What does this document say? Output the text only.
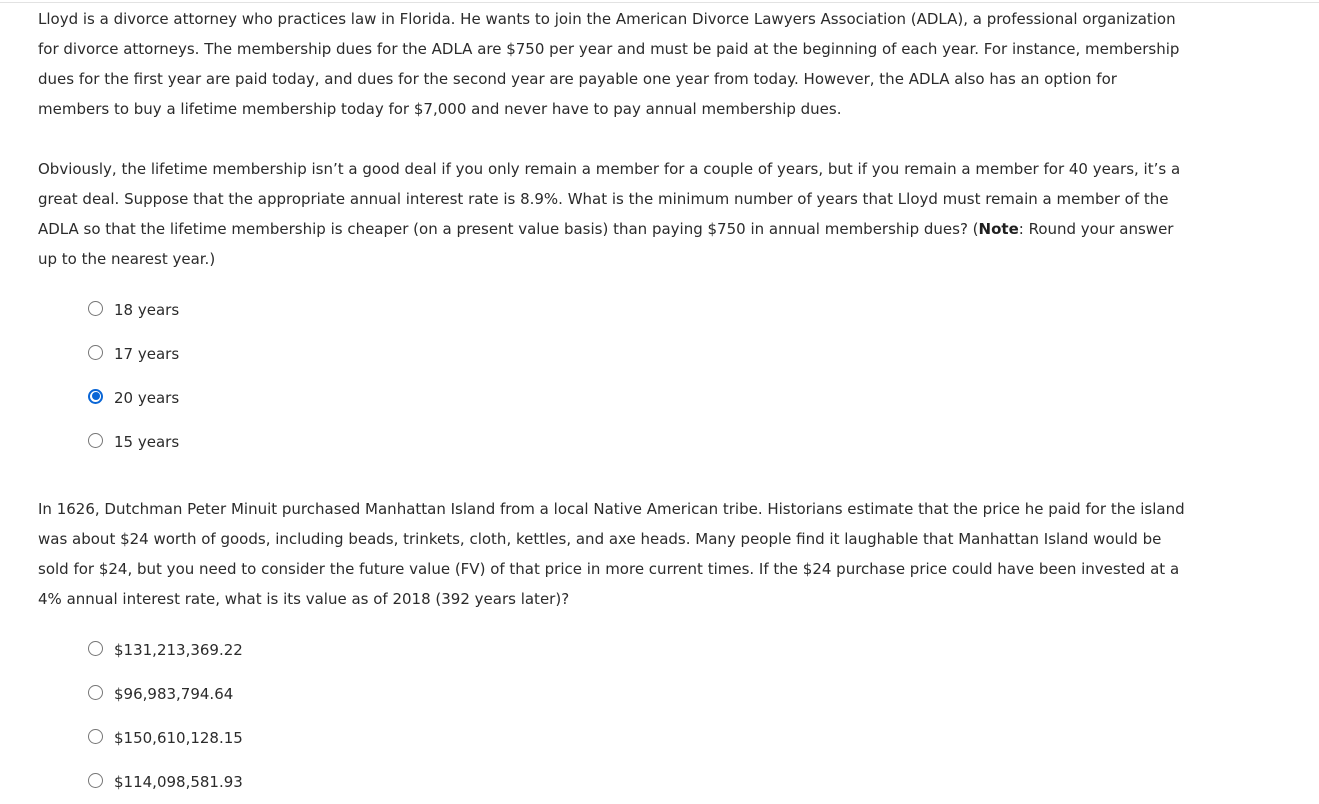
Lloyd is a divorce attorney who practices law in Florida. He wants to join the American Divorce Lawyers Association (ADLA), a professional organization for divorce attorneys. The membership dues for the ADLA are $750 per year and must be paid at the beginning of each year. For instance, membership dues for the first year are paid today, and dues for the second year are payable one year from today. However, the ADLA also has an option for members to buy a lifetime membership today for $7,000 and never have to pay annual membership dues.

Obviously, the lifetime membership isn’t a good deal if you only remain a member for a couple of years, but if you remain a member for 40 years, it’s a great deal. Suppose that the appropriate annual interest rate is 8.9%. What is the minimum number of years that Lloyd must remain a member of the ADLA so that the lifetime membership is cheaper (on a present value basis) than paying $750 in annual membership dues? (Note: Round your answer up to the nearest year.)

18 years
17 years
20 years
15 years

In 1626, Dutchman Peter Minuit purchased Manhattan Island from a local Native American tribe. Historians estimate that the price he paid for the island was about $24 worth of goods, including beads, trinkets, cloth, kettles, and axe heads. Many people find it laughable that Manhattan Island would be sold for $24, but you need to consider the future value (FV) of that price in more current times. If the $24 purchase price could have been invested at a 4% annual interest rate, what is its value as of 2018 (392 years later)?

$131,213,369.22
$96,983,794.64
$150,610,128.15
$114,098,581.93
